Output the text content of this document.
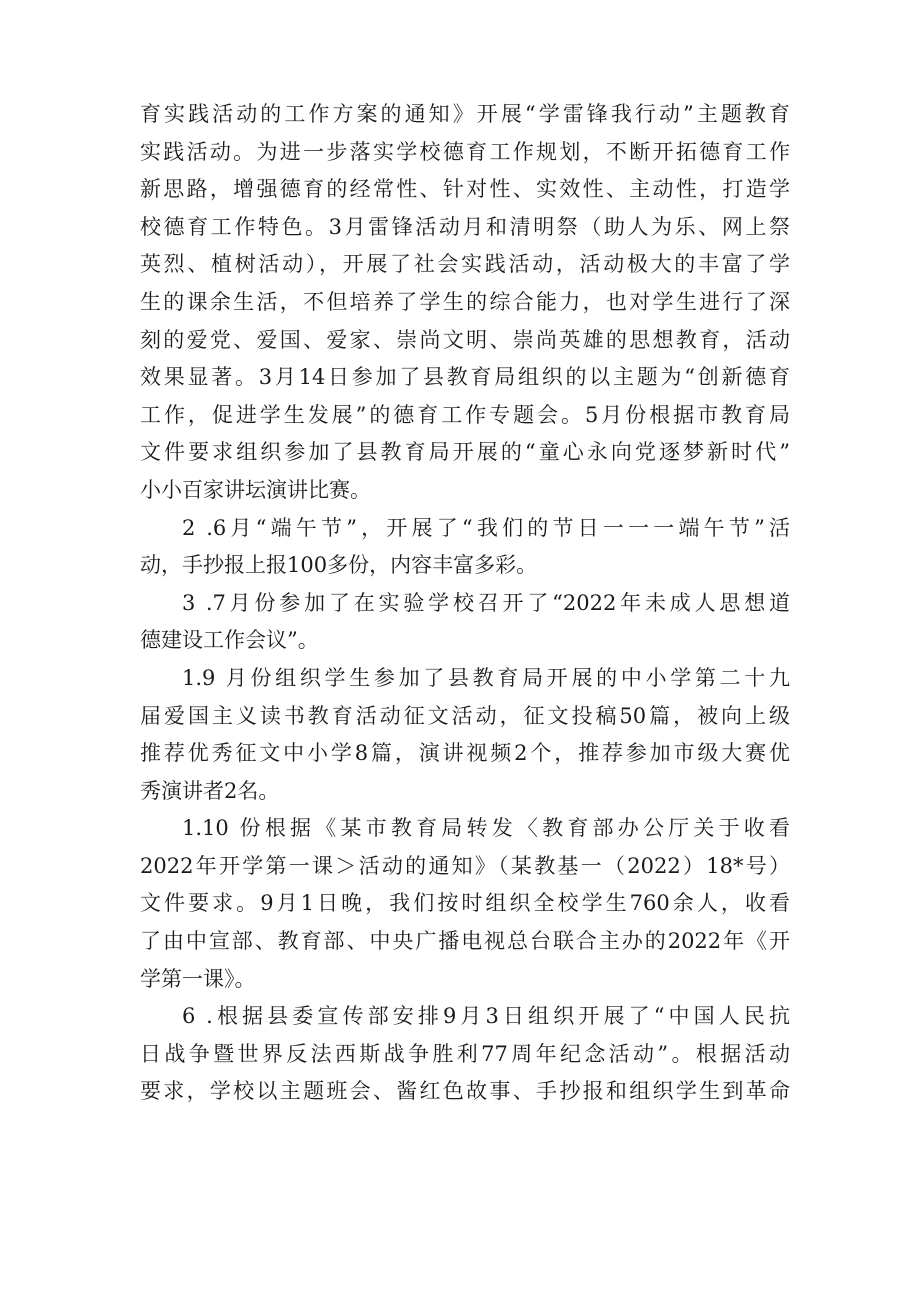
育实践活动的工作方案的通知》开展“学雷锋我行动”主题教育
实践活动。为进一步落实学校德育工作规划，不断开拓德育工作
新思路，增强德育的经常性、针对性、实效性、主动性，打造学
校德育工作特色。3月雷锋活动月和清明祭（助人为乐、网上祭
英烈、植树活动），开展了社会实践活动，活动极大的丰富了学
生的课余生活，不但培养了学生的综合能力，也对学生进行了深
刻的爱党、爱国、爱家、崇尚文明、崇尚英雄的思想教育，活动
效果显著。3月14日参加了县教育局组织的以主题为“创新德育
工作，促进学生发展”的德育工作专题会。5月份根据市教育局
文件要求组织参加了县教育局开展的“童心永向党逐梦新时代”
小小百家讲坛演讲比赛。
2 .6月“端午节”，开展了“我们的节日一一一端午节”活
动，手抄报上报100多份，内容丰富多彩。
3 .7月份参加了在实验学校召开了“2022年未成人思想道
德建设工作会议”。
1.9 月份组织学生参加了县教育局开展的中小学第二十九
届爱国主义读书教育活动征文活动，征文投稿50篇，被向上级
推荐优秀征文中小学8篇，演讲视频2个，推荐参加市级大赛优
秀演讲者2名。
1.10 份根据《某市教育局转发〈教育部办公厅关于收看
2022年开学第一课＞活动的通知》（某教基一（2022）18*号）
文件要求。9月1日晚，我们按时组织全校学生760余人，收看
了由中宣部、教育部、中央广播电视总台联合主办的2022年《开
学第一课》。
6 .根据县委宣传部安排9月3日组织开展了“中国人民抗
日战争暨世界反法西斯战争胜利77周年纪念活动”。根据活动
要求，学校以主题班会、酱红色故事、手抄报和组织学生到革命
